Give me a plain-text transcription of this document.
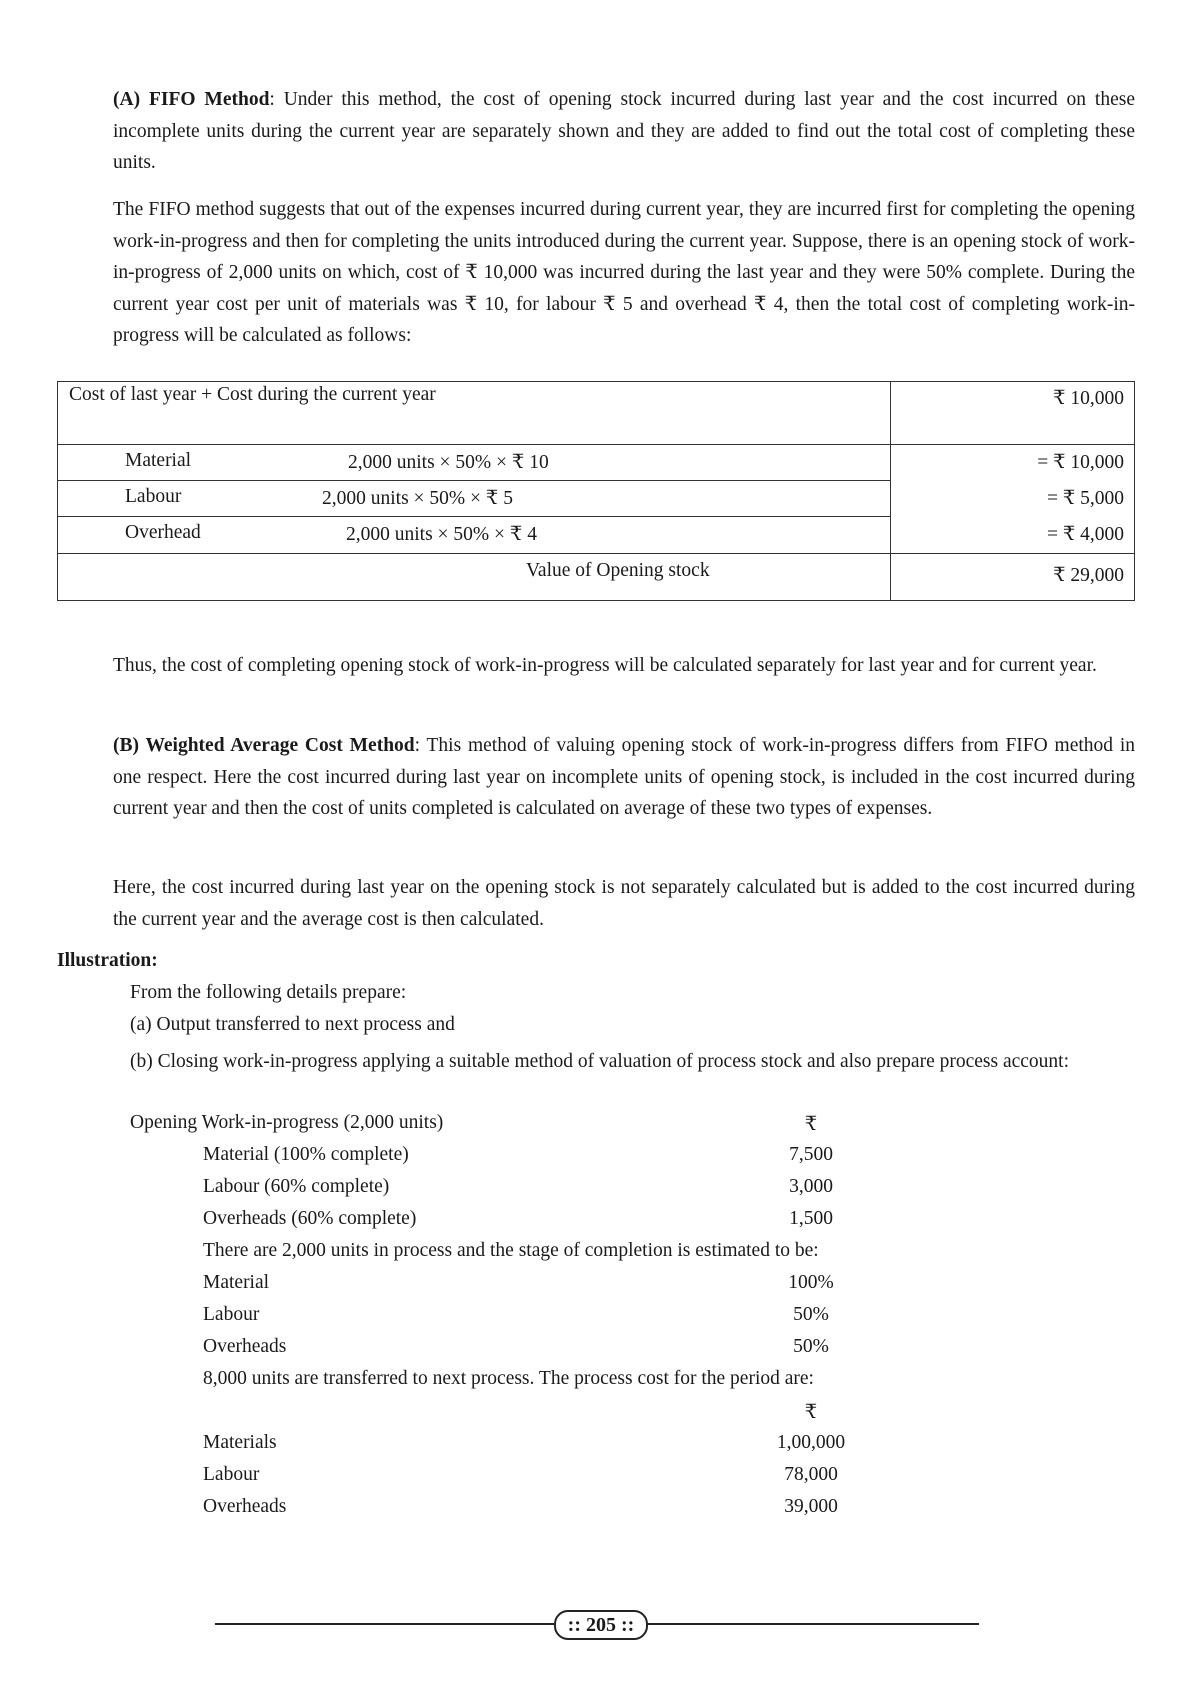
(A) FIFO Method: Under this method, the cost of opening stock incurred during last year and the cost incurred on these incomplete units during the current year are separately shown and they are added to find out the total cost of completing these units.

The FIFO method suggests that out of the expenses incurred during current year, they are incurred first for completing the opening work-in-progress and then for completing the units introduced during the current year. Suppose, there is an opening stock of work-in-progress of 2,000 units on which, cost of ₹ 10,000 was incurred during the last year and they were 50% complete. During the current year cost per unit of materials was ₹ 10, for labour ₹ 5 and overhead ₹ 4, then the total cost of completing work-in-progress will be calculated as follows:

Cost of last year + Cost during the current year	₹ 10,000
Material	2,000 units × 50% × ₹ 10	= ₹ 10,000
Labour	2,000 units × 50% × ₹ 5	= ₹ 5,000
Overhead	2,000 units × 50% × ₹ 4	= ₹ 4,000
Value of Opening stock	₹ 29,000

Thus, the cost of completing opening stock of work-in-progress will be calculated separately for last year and for current year.

(B) Weighted Average Cost Method: This method of valuing opening stock of work-in-progress differs from FIFO method in one respect. Here the cost incurred during last year on incomplete units of opening stock, is included in the cost incurred during current year and then the cost of units completed is calculated on average of these two types of expenses.

Here, the cost incurred during last year on the opening stock is not separately calculated but is added to the cost incurred during the current year and the average cost is then calculated.

Illustration:
From the following details prepare:
(a) Output transferred to next process and

(b) Closing work-in-progress applying a suitable method of valuation of process stock and also prepare process account:

Opening Work-in-progress (2,000 units)	₹
Material (100% complete)	7,500
Labour (60% complete)	3,000
Overheads (60% complete)	1,500
There are 2,000 units in process and the stage of completion is estimated to be:
Material	100%
Labour	50%
Overheads	50%
8,000 units are transferred to next process. The process cost for the period are:
₹
Materials	1,00,000
Labour	78,000
Overheads	39,000
:: 205 ::
